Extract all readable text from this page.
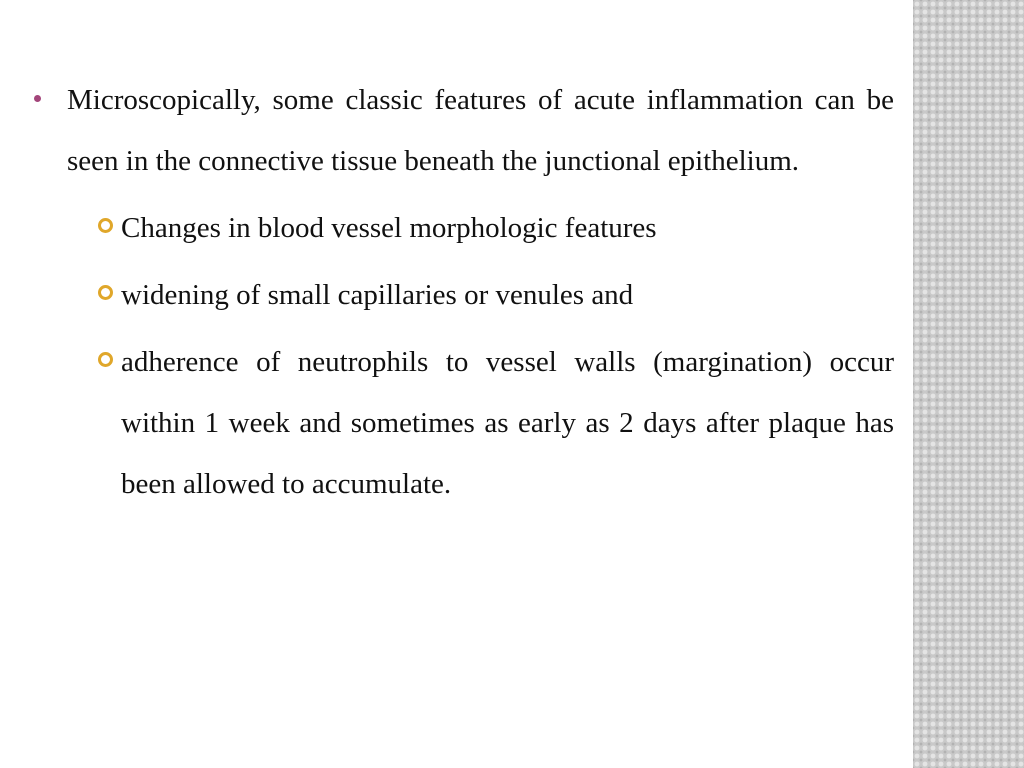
Microscopically, some classic features of acute inflammation can be seen in the connective tissue beneath the junctional epithelium.
Changes in blood vessel morphologic features
widening of small capillaries or venules and
adherence of neutrophils to vessel walls (margination) occur within 1 week and sometimes as early as 2 days after plaque has been allowed to accumulate.
